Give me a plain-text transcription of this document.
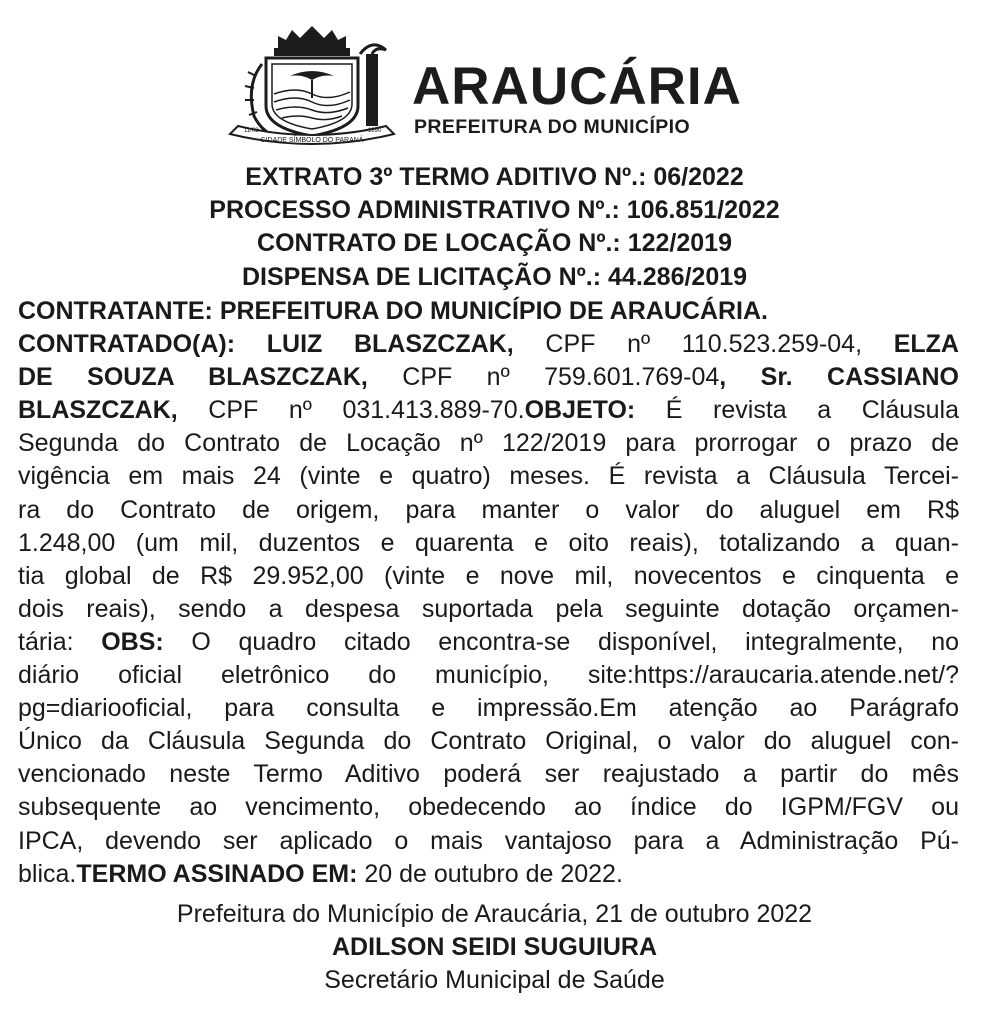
CIDADE SÍMBOLO DO PARANÁ
11/02	1890
ARAUCÁRIA
PREFEITURA DO MUNICÍPIO
EXTRATO 3º TERMO ADITIVO Nº.: 06/2022
PROCESSO ADMINISTRATIVO Nº.: 106.851/2022
CONTRATO DE LOCAÇÃO Nº.: 122/2019
DISPENSA DE LICITAÇÃO Nº.: 44.286/2019
CONTRATANTE: PREFEITURA DO MUNICÍPIO DE ARAUCÁRIA.
CONTRATADO(A): LUIZ BLASZCZAK, CPF nº 110.523.259-04, ELZA
DE SOUZA BLASZCZAK, CPF nº 759.601.769-04, Sr. CASSIANO
BLASZCZAK, CPF nº 031.413.889-70.OBJETO: É revista a Cláusula
Segunda do Contrato de Locação nº 122/2019 para prorrogar o prazo de
vigência em mais 24 (vinte e quatro) meses. É revista a Cláusula Tercei-
ra do Contrato de origem, para manter o valor do aluguel em R$
1.248,00 (um mil, duzentos e quarenta e oito reais), totalizando a quan-
tia global de R$ 29.952,00 (vinte e nove mil, novecentos e cinquenta e
dois reais), sendo a despesa suportada pela seguinte dotação orçamen-
tária: OBS: O quadro citado encontra-se disponível, integralmente, no
diário oficial eletrônico do município, site:https://araucaria.atende.net/?
pg=diariooficial, para consulta e impressão.Em atenção ao Parágrafo
Único da Cláusula Segunda do Contrato Original, o valor do aluguel con-
vencionado neste Termo Aditivo poderá ser reajustado a partir do mês
subsequente ao vencimento, obedecendo ao índice do IGPM/FGV ou
IPCA, devendo ser aplicado o mais vantajoso para a Administração Pú-
blica.TERMO ASSINADO EM: 20 de outubro de 2022.
Prefeitura do Município de Araucária, 21 de outubro 2022
ADILSON SEIDI SUGUIURA
Secretário Municipal de Saúde
